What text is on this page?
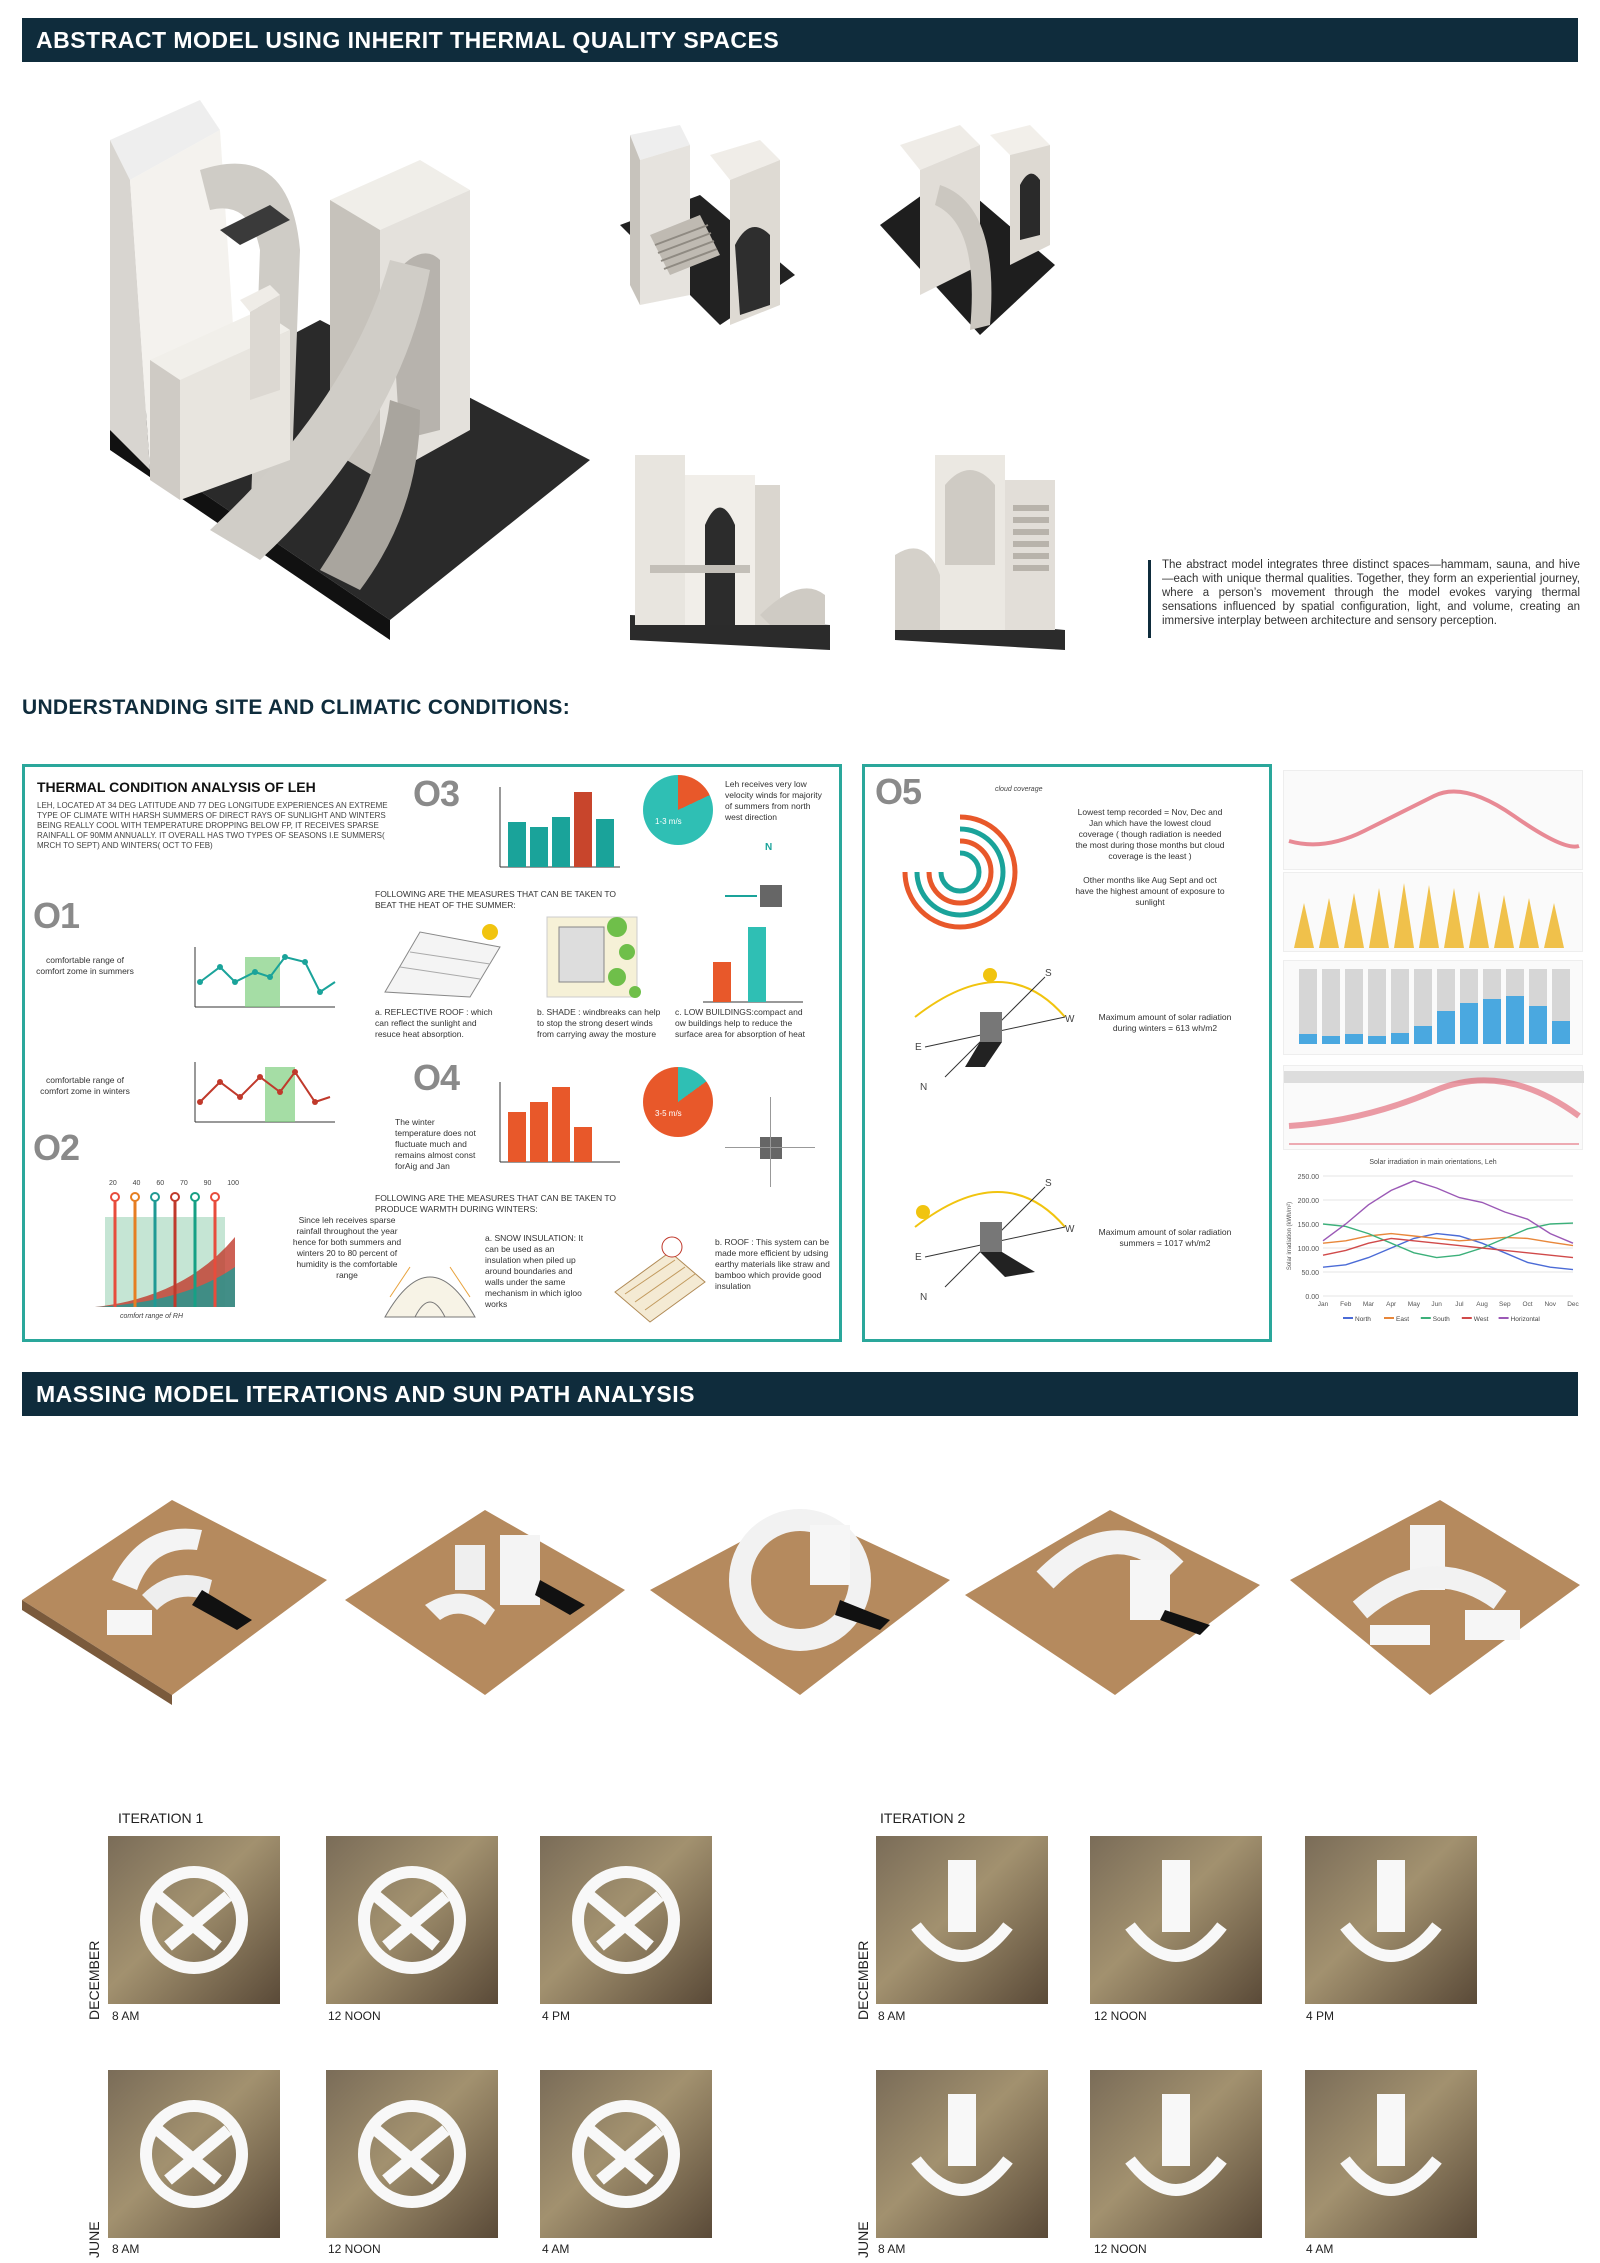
ABSTRACT MODEL USING INHERIT THERMAL QUALITY SPACES
The abstract model integrates three distinct spaces—hammam, sauna, and hive—each with unique thermal qualities. Together, they form an experiential journey, where a person’s movement through the model evokes varying thermal sensations influenced by spatial configuration, light, and volume, creating an immersive interplay between architecture and sensory perception.
UNDERSTANDING SITE AND CLIMATIC CONDITIONS:
THERMAL CONDITION ANALYSIS OF LEH
LEH, LOCATED AT 34 DEG LATITUDE AND 77 DEG LONGITUDE EXPERIENCES AN EXTREME TYPE OF CLIMATE WITH HARSH SUMMERS OF DIRECT RAYS OF SUNLIGHT AND WINTERS BEING REALLY COOL WITH TEMPERATURE DROPPING BELOW FP, IT RECEIVES SPARSE RAINFALL OF 90MM ANNUALLY. IT OVERALL HAS TWO TYPES OF SEASONS I.E SUMMERS( MRCH TO SEPT) AND WINTERS( OCT TO FEB)
O1
comfortable range of comfort zome in summers
comfortable range of comfort zome in winters
O2
20 40 60 70 90 100
comfort range of RH
Since leh receives sparse rainfall throughout the year hence for both summers and winters 20 to 80 percent of humidity is the comfortable range
O3
1-3 m/s
Leh receives very low velocity winds for majority of summers from north west direction
N
FOLLOWING ARE THE MEASURES THAT CAN BE TAKEN TO BEAT THE HEAT OF THE SUMMER:
a. REFLECTIVE ROOF : which can reflect the sunlight and resuce heat absorption.
b. SHADE : windbreaks can help to stop the strong desert winds from carrying away the mosture
c. LOW BUILDINGS:compact and ow buildings help to reduce the surface area for absorption of heat
O4
The winter temperature does not fluctuate much and remains almost const forAig and Jan
3-5 m/s
FOLLOWING ARE THE MEASURES THAT CAN BE TAKEN TO PRODUCE WARMTH DURING WINTERS:
a. SNOW INSULATION: It can be used as an insulation when piled up around boundaries and walls under the same mechanism in which igloo works
b. ROOF : This system can be made more efficient by udsing earthy materials like straw and bamboo which provide good insulation
O5	cloud coverage
Lowest temp recorded = Nov, Dec and Jan which have the lowest cloud coverage ( though radiation is needed the most during those months but cloud coverage is the least )
Other months like Aug Sept and oct have the highest amount of exposure to sunlight
S
W
E
N
Maximum amount of solar radiation during winters = 613 wh/m2
S
W
E
N
Maximum amount of solar radiation summers = 1017 wh/m2
Solar irradiation in main orientations, Leh
250.00
200.00
150.00
100.00
50.00
0.00
Solar irradiation (kWh/m²)
Jan Feb Mar Apr May Jun Jul Aug Sep Oct Nov Dec
North	East	South	West	Horizontal
MASSING MODEL ITERATIONS AND SUN PATH ANALYSIS
ITERATION 1	ITERATION 2
DECEMBER
JUNE
DECEMBER
JUNE
8 AM	12 NOON	4 PM
8 AM	12 NOON	4 AM
8 AM	12 NOON	4 PM
8 AM	12 NOON	4 AM
